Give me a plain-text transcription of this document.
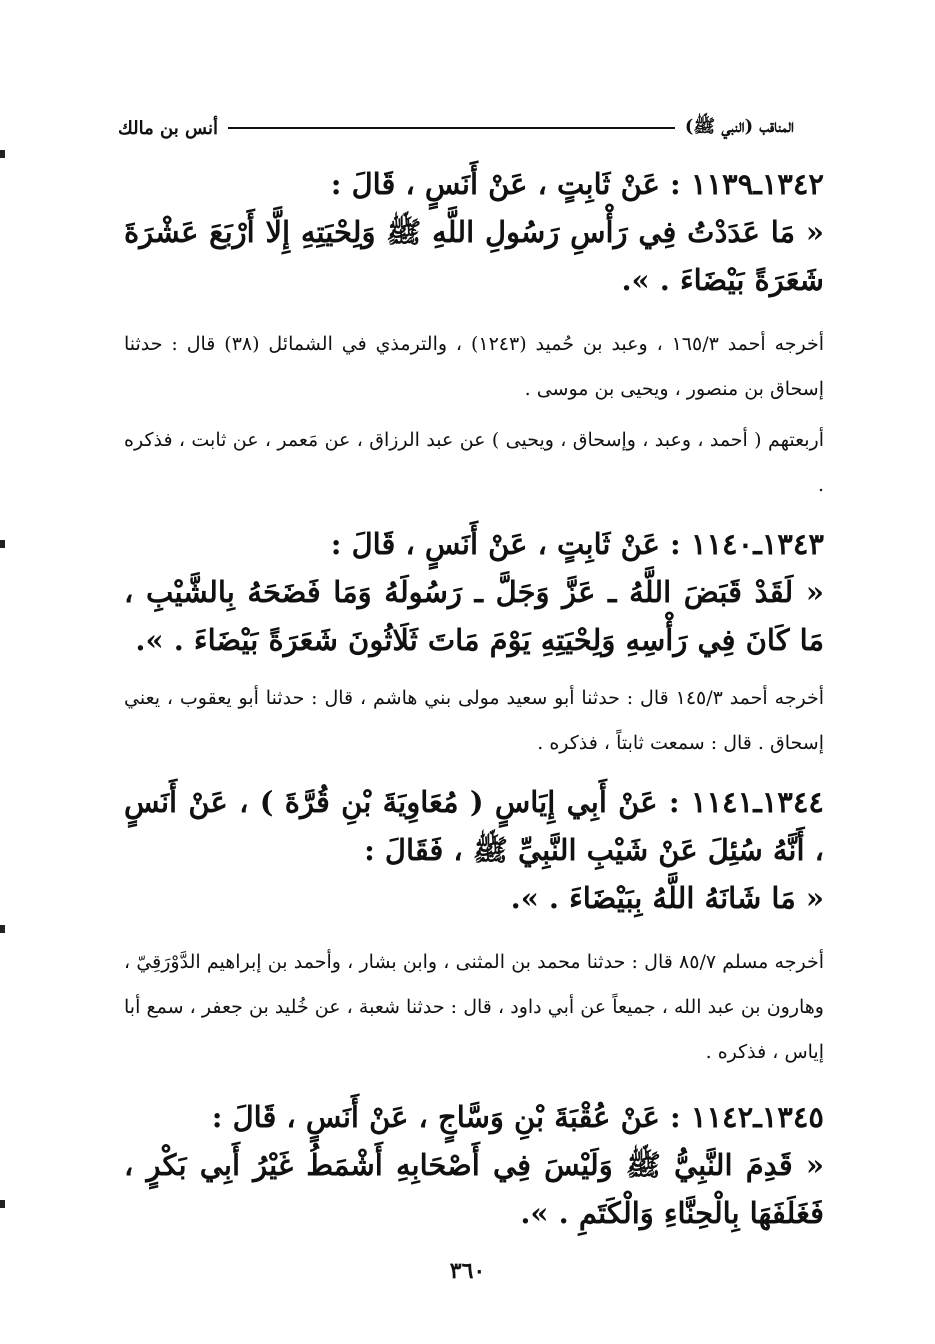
المناقب (النبي ﷺ)
أنس بن مالك
١٣٤٢ـ١١٣٩ : عَنْ ثَابِتٍ ، عَنْ أَنَسٍ ، قَالَ :
« مَا عَدَدْتُ فِي رَأْسِ رَسُولِ اللَّهِ ﷺ وَلِحْيَتِهِ إِلَّا أَرْبَعَ عَشْرَةَ شَعَرَةً بَيْضَاءَ . ».

أخرجه أحمد ١٦٥/٣ ، وعبد بن حُميد (١٢٤٣) ، والترمذي في الشمائل (٣٨) قال : حدثنا إسحاق بن منصور ، ويحيى بن موسى .

أربعتهم ( أحمد ، وعبد ، وإسحاق ، ويحيى ) عن عبد الرزاق ، عن مَعمر ، عن ثابت ، فذكره .

١٣٤٣ـ١١٤٠ : عَنْ ثَابِتٍ ، عَنْ أَنَسٍ ، قَالَ :
« لَقَدْ قَبَضَ اللَّهُ ـ عَزَّ وَجَلَّ ـ رَسُولَهُ وَمَا فَضَحَهُ بِالشَّيْبِ ، مَا كَانَ فِي رَأْسِهِ وَلِحْيَتِهِ يَوْمَ مَاتَ ثَلَاثُونَ شَعَرَةً بَيْضَاءَ . ».

أخرجه أحمد ١٤٥/٣ قال : حدثنا أبو سعيد مولى بني هاشم ، قال : حدثنا أبو يعقوب ، يعني إسحاق . قال : سمعت ثابتاً ، فذكره .

١٣٤٤ـ١١٤١ : عَنْ أَبِي إِيَاسٍ ( مُعَاوِيَةَ بْنِ قُرَّةَ ) ، عَنْ أَنَسٍ ، أَنَّهُ سُئِلَ عَنْ شَيْبِ النَّبِيِّ ﷺ ، فَقَالَ :
« مَا شَانَهُ اللَّهُ بِبَيْضَاءَ . ».

أخرجه مسلم ٨٥/٧ قال : حدثنا محمد بن المثنى ، وابن بشار ، وأحمد بن إبراهيم الدَّوْرَقِيّ ، وهارون بن عبد الله ، جميعاً عن أبي داود ، قال : حدثنا شعبة ، عن خُليد بن جعفر ، سمع أبا إياس ، فذكره .

١٣٤٥ـ١١٤٢ : عَنْ عُقْبَةَ بْنِ وَسَّاجٍ ، عَنْ أَنَسٍ ، قَالَ :
« قَدِمَ النَّبِيُّ ﷺ وَلَيْسَ فِي أَصْحَابِهِ أَشْمَطُ غَيْرُ أَبِي بَكْرٍ ، فَغَلَفَهَا بِالْحِنَّاءِ وَالْكَتَمِ . ».
٣٦٠
